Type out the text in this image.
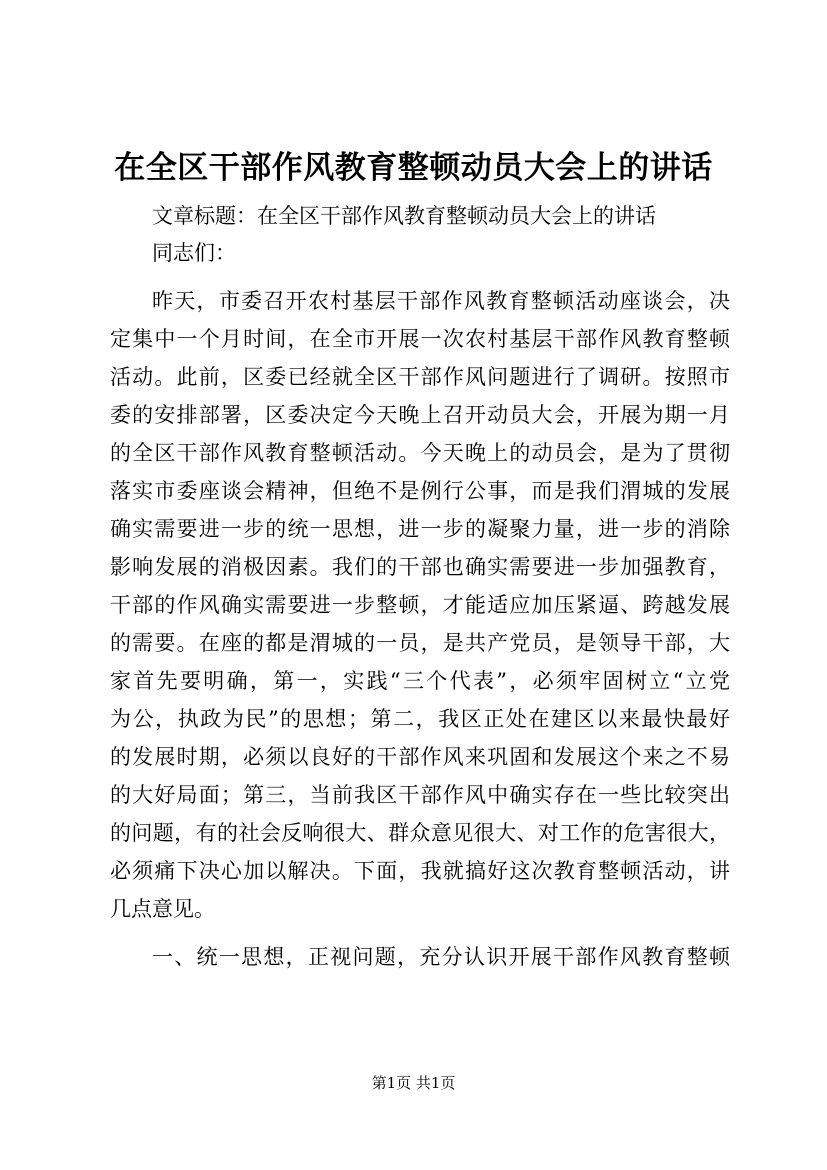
在全区干部作风教育整顿动员大会上的讲话
文章标题：在全区干部作风教育整顿动员大会上的讲话
同志们：
昨天，市委召开农村基层干部作风教育整顿活动座谈会，决
定集中一个月时间，在全市开展一次农村基层干部作风教育整顿
活动。此前，区委已经就全区干部作风问题进行了调研。按照市
委的安排部署，区委决定今天晚上召开动员大会，开展为期一月
的全区干部作风教育整顿活动。今天晚上的动员会，是为了贯彻
落实市委座谈会精神，但绝不是例行公事，而是我们渭城的发展
确实需要进一步的统一思想，进一步的凝聚力量，进一步的消除
影响发展的消极因素。我们的干部也确实需要进一步加强教育，
干部的作风确实需要进一步整顿，才能适应加压紧逼、跨越发展
的需要。在座的都是渭城的一员，是共产党员，是领导干部，大
家首先要明确，第一，实践“三个代表”，必须牢固树立“立党
为公，执政为民”的思想；第二，我区正处在建区以来最快最好
的发展时期，必须以良好的干部作风来巩固和发展这个来之不易
的大好局面；第三，当前我区干部作风中确实存在一些比较突出
的问题，有的社会反响很大、群众意见很大、对工作的危害很大，
必须痛下决心加以解决。下面，我就搞好这次教育整顿活动，讲
几点意见。
一、统一思想，正视问题，充分认识开展干部作风教育整顿
第1页 共1页
